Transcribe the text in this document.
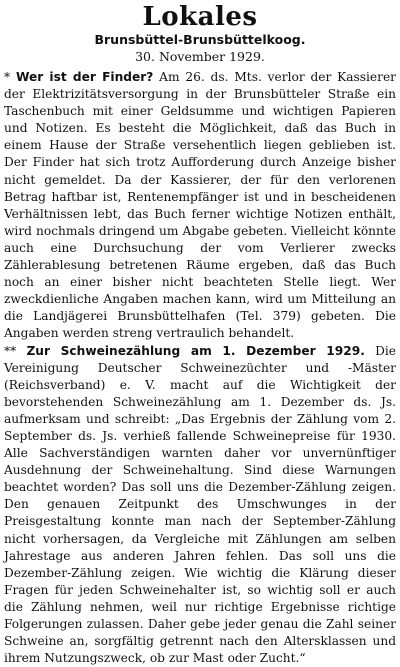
Lokales
Brunsbüttel-Brunsbüttelkoog.
30. November 1929.

* Wer ist der Finder? Am 26. ds. Mts. verlor der Kassierer der Elektrizitätsversorgung in der Brunsbütteler Straße ein Taschenbuch mit einer Geldsumme und wichtigen Papieren und Notizen. Es besteht die Möglichkeit, daß das Buch in einem Hause der Straße versehentlich liegen geblieben ist. Der Finder hat sich trotz Aufforderung durch Anzeige bisher nicht gemeldet. Da der Kassierer, der für den verlorenen Betrag haftbar ist, Rentenempfänger ist und in bescheidenen Verhältnissen lebt, das Buch ferner wichtige Notizen enthält, wird nochmals dringend um Abgabe gebeten. Vielleicht könnte auch eine Durchsuchung der vom Verlierer zwecks Zählerablesung betretenen Räume ergeben, daß das Buch noch an einer bisher nicht beachteten Stelle liegt. Wer zweckdienliche Angaben machen kann, wird um Mitteilung an die Landjägerei Brunsbüttelhafen (Tel. 379) gebeten. Die Angaben werden streng vertraulich behandelt.

** Zur Schweinezählung am 1. Dezember 1929. Die Vereinigung Deutscher Schweinezüchter und -Mäster (Reichsverband) e. V. macht auf die Wichtigkeit der bevorstehenden Schweinezählung am 1. Dezember ds. Js. aufmerksam und schreibt: „Das Ergebnis der Zählung vom 2. September ds. Js. verhieß fallende Schweinepreise für 1930. Alle Sachverständigen warnten daher vor unvernünftiger Ausdehnung der Schweinehaltung. Sind diese Warnungen beachtet worden? Das soll uns die Dezember-Zählung zeigen. Den genauen Zeitpunkt des Umschwunges in der Preisgestaltung konnte man nach der September-Zählung nicht vorhersagen, da Vergleiche mit Zählungen am selben Jahrestage aus anderen Jahren fehlen. Das soll uns die Dezember-Zählung zeigen. Wie wichtig die Klärung dieser Fragen für jeden Schweinehalter ist, so wichtig soll er auch die Zählung nehmen, weil nur richtige Ergebnisse richtige Folgerungen zulassen. Daher gebe jeder genau die Zahl seiner Schweine an, sorgfältig getrennt nach den Altersklassen und ihrem Nutzungszweck, ob zur Mast oder Zucht.“
